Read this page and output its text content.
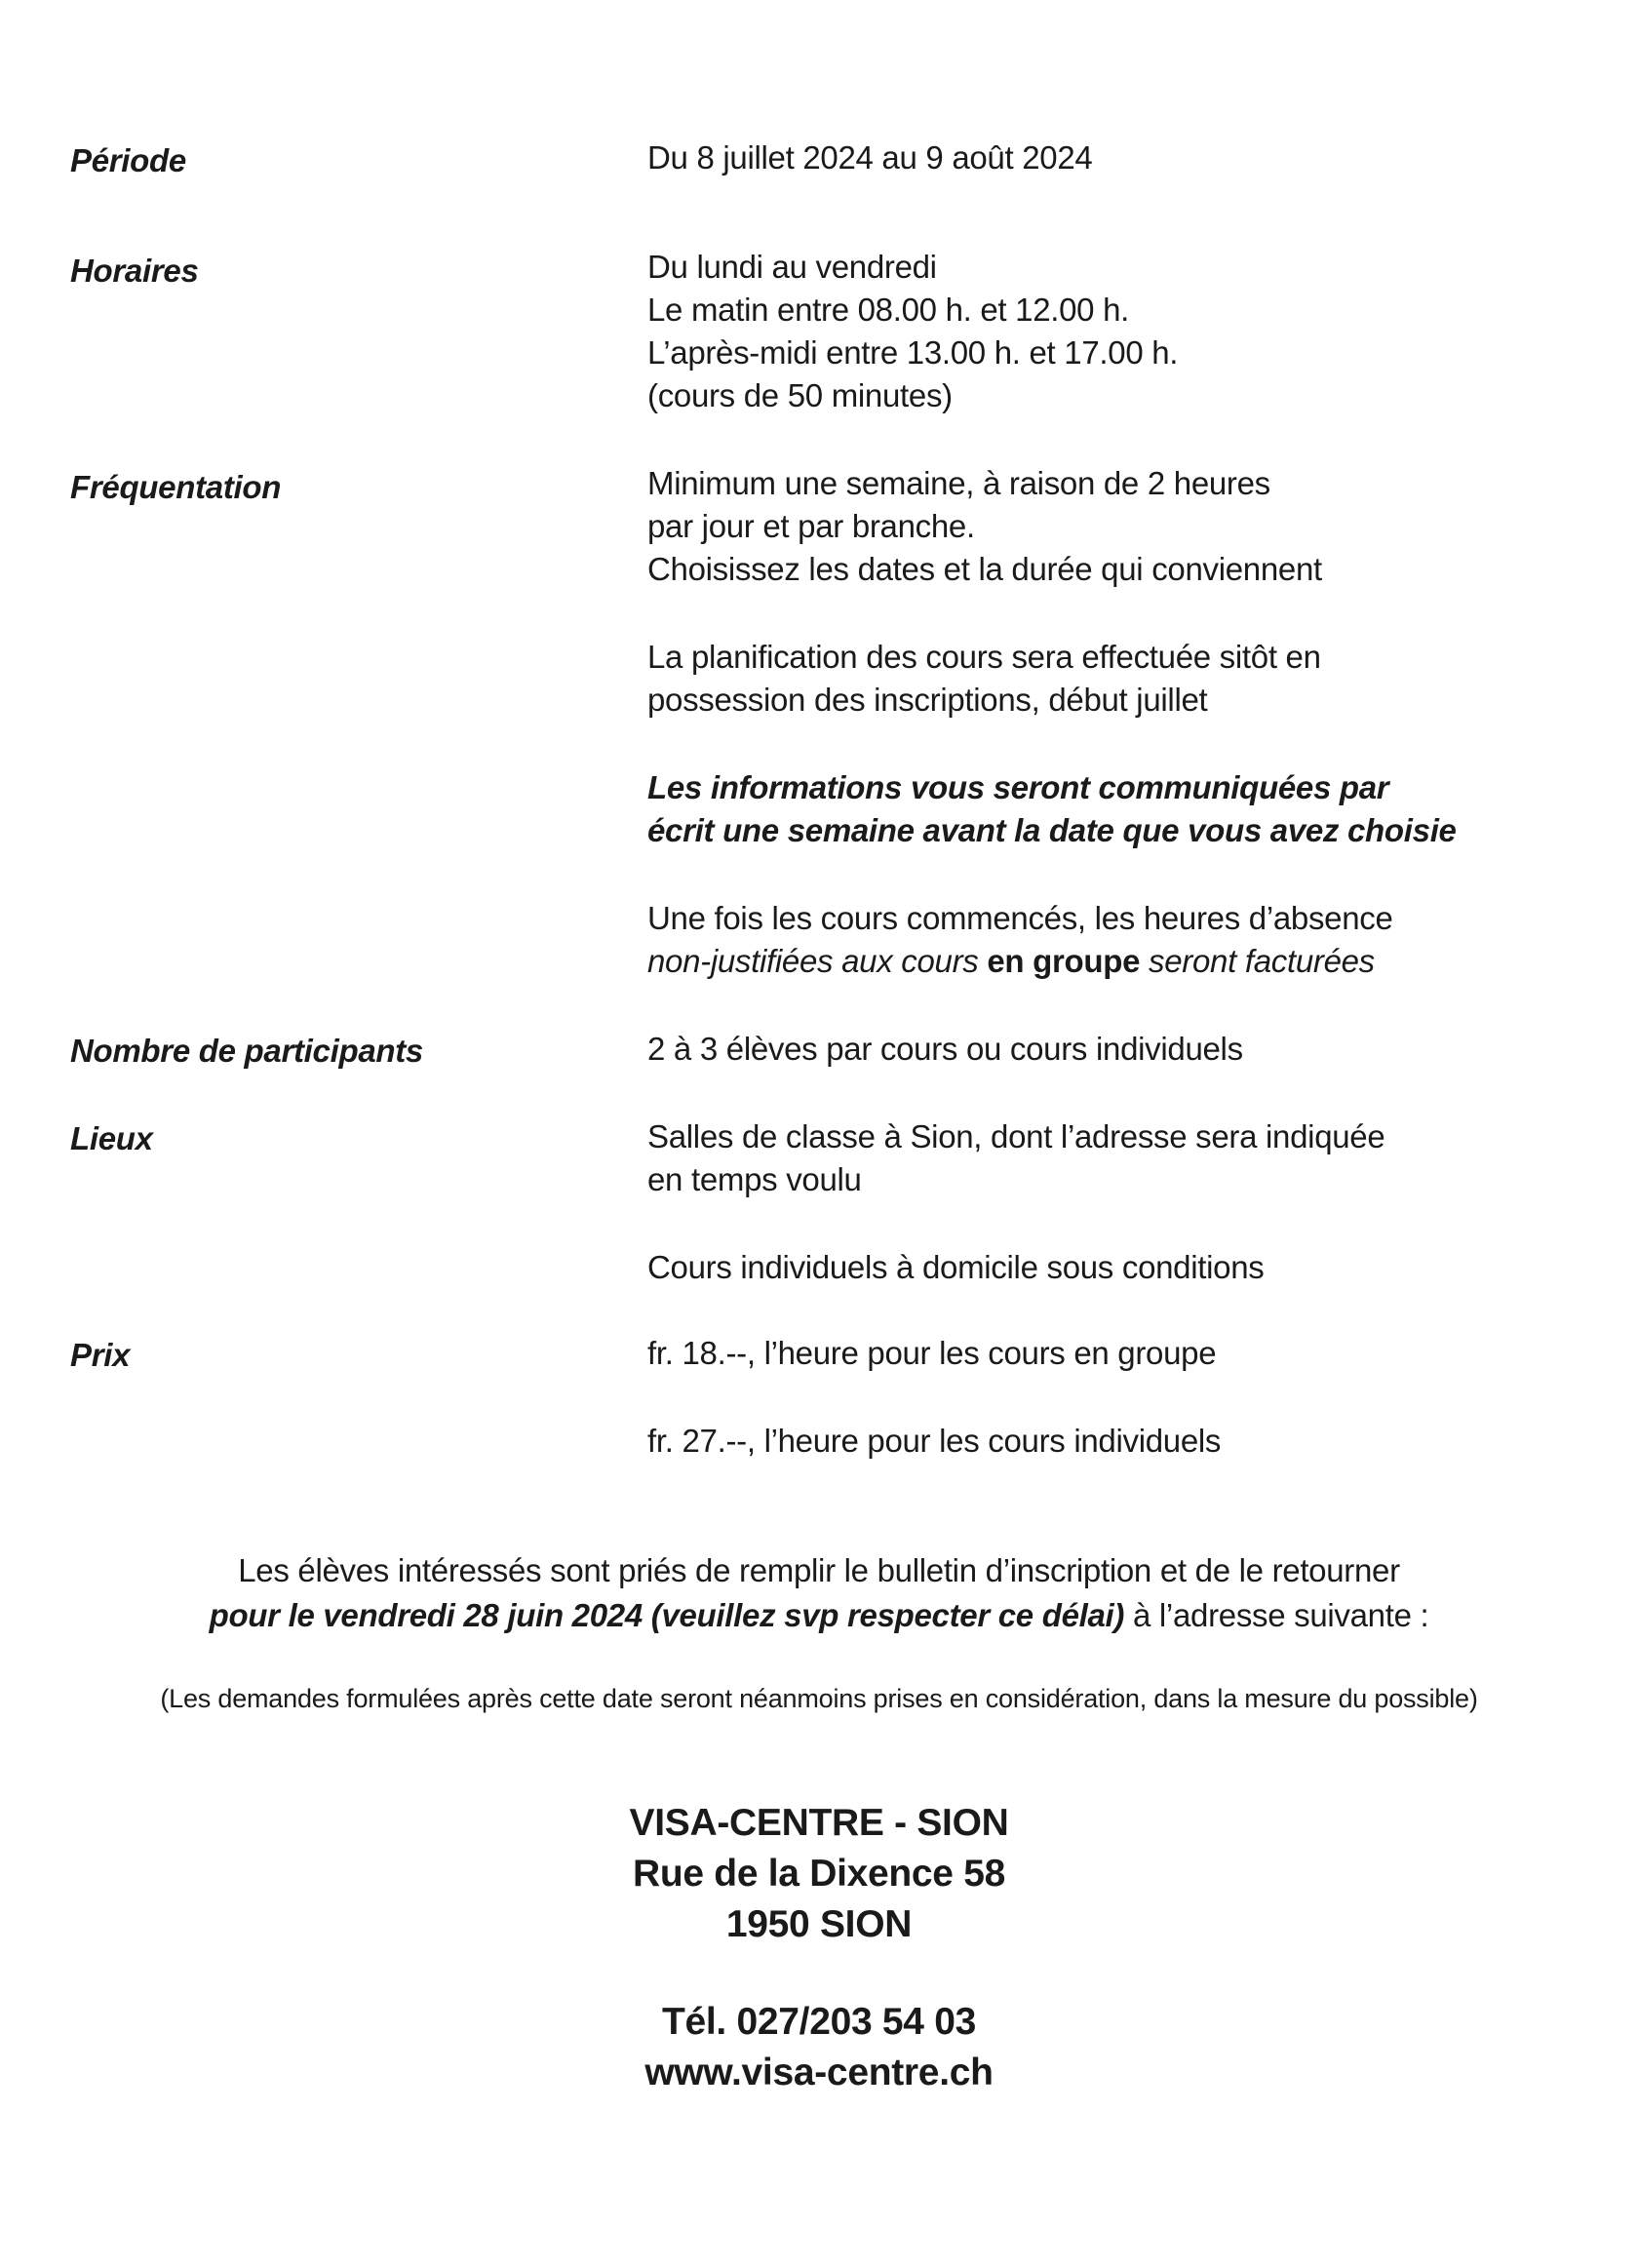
Période	Du 8 juillet 2024 au 9 août 2024
Horaires	Du lundi au vendredi
Le matin entre 08.00 h. et 12.00 h.
L’après-midi entre 13.00 h. et 17.00 h.
(cours de 50 minutes)
Fréquentation	Minimum une semaine, à raison de 2 heures
par jour et par branche.
Choisissez les dates et la durée qui conviennent
La planification des cours sera effectuée sitôt en
possession des inscriptions, début juillet
Les informations vous seront communiquées par
écrit une semaine avant la date que vous avez choisie
Une fois les cours commencés, les heures d’absence
non-justifiées aux cours en groupe seront facturées
Nombre de participants	2 à 3 élèves par cours ou cours individuels
Lieux	Salles de classe à Sion, dont l’adresse sera indiquée
en temps voulu
Cours individuels à domicile sous conditions
Prix	fr. 18.--, l’heure pour les cours en groupe
fr. 27.--, l’heure pour les cours individuels
Les élèves intéressés sont priés de remplir le bulletin d’inscription et de le retourner
pour le vendredi 28 juin 2024 (veuillez svp respecter ce délai) à l’adresse suivante :
(Les demandes formulées après cette date seront néanmoins prises en considération, dans la mesure du possible)
VISA-CENTRE - SION
Rue de la Dixence 58
1950 SION
Tél. 027/203 54 03
www.visa-centre.ch
